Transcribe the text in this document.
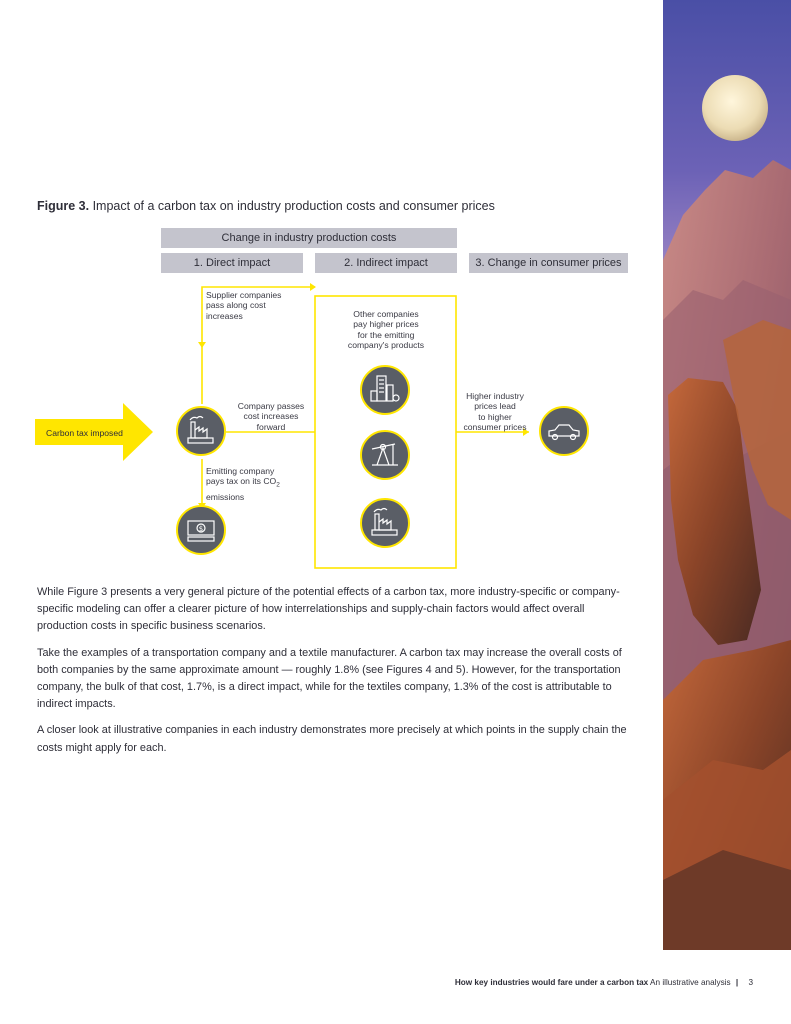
Figure 3. Impact of a carbon tax on industry production costs and consumer prices
Change in industry production costs
1. Direct impact	2. Indirect impact	3. Change in consumer prices
Supplier companies
pass along cost
increases	Other companies
pay higher prices
for the emitting
company's products
Company passes
cost increases
forward
Higher industry
prices lead
to higher
consumer prices
Emitting company
pays tax on its $CO_2$
emissions
Carbon tax imposed
$

While Figure 3 presents a very general picture of the potential effects of a carbon tax, more industry-specific or company-specific modeling can offer a clearer picture of how interrelationships and supply-chain factors would affect overall production costs in specific business scenarios.

Take the examples of a transportation company and a textile manufacturer. A carbon tax may increase the overall costs of both companies by the same approximate amount — roughly 1.8% (see Figures 4 and 5). However, for the transportation company, the bulk of that cost, 1.7%, is a direct impact, while for the textiles company, 1.3% of the cost is attributable to indirect impacts.

A closer look at illustrative companies in each industry demonstrates more precisely at which points in the supply chain the costs might apply for each.

How key industries would fare under a carbon tax An illustrative analysis | 3
